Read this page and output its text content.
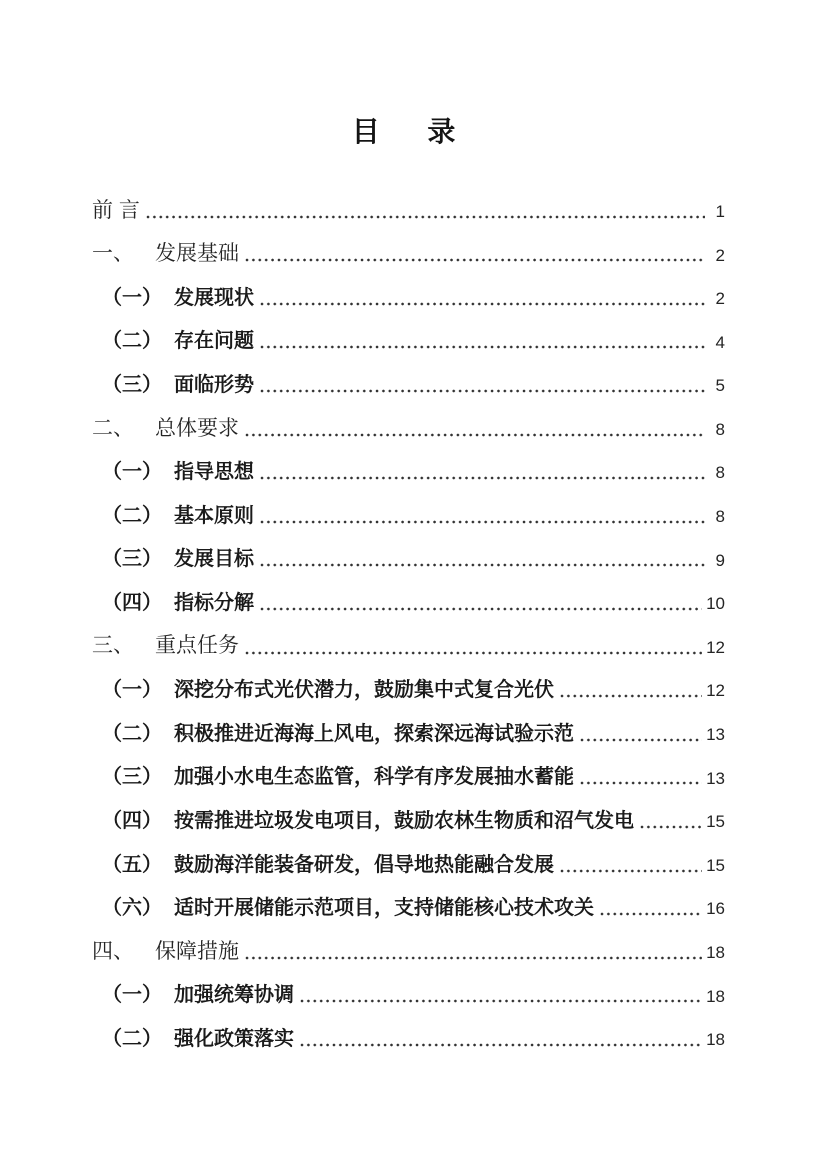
目　录
前 言	1
一、	发展基础	2
（一） 发展现状	2
（二） 存在问题	4
（三） 面临形势	5
二、	总体要求	8
（一） 指导思想	8
（二） 基本原则	8
（三） 发展目标	9
（四） 指标分解	10
三、	重点任务	12
（一） 深挖分布式光伏潜力，鼓励集中式复合光伏	12
（二） 积极推进近海海上风电，探索深远海试验示范	13
（三） 加强小水电生态监管，科学有序发展抽水蓄能	13
（四） 按需推进垃圾发电项目，鼓励农林生物质和沼气发电	15
（五） 鼓励海洋能装备研发，倡导地热能融合发展	15
（六） 适时开展储能示范项目，支持储能核心技术攻关	16
四、	保障措施	18
（一） 加强统筹协调	18
（二） 强化政策落实	18
